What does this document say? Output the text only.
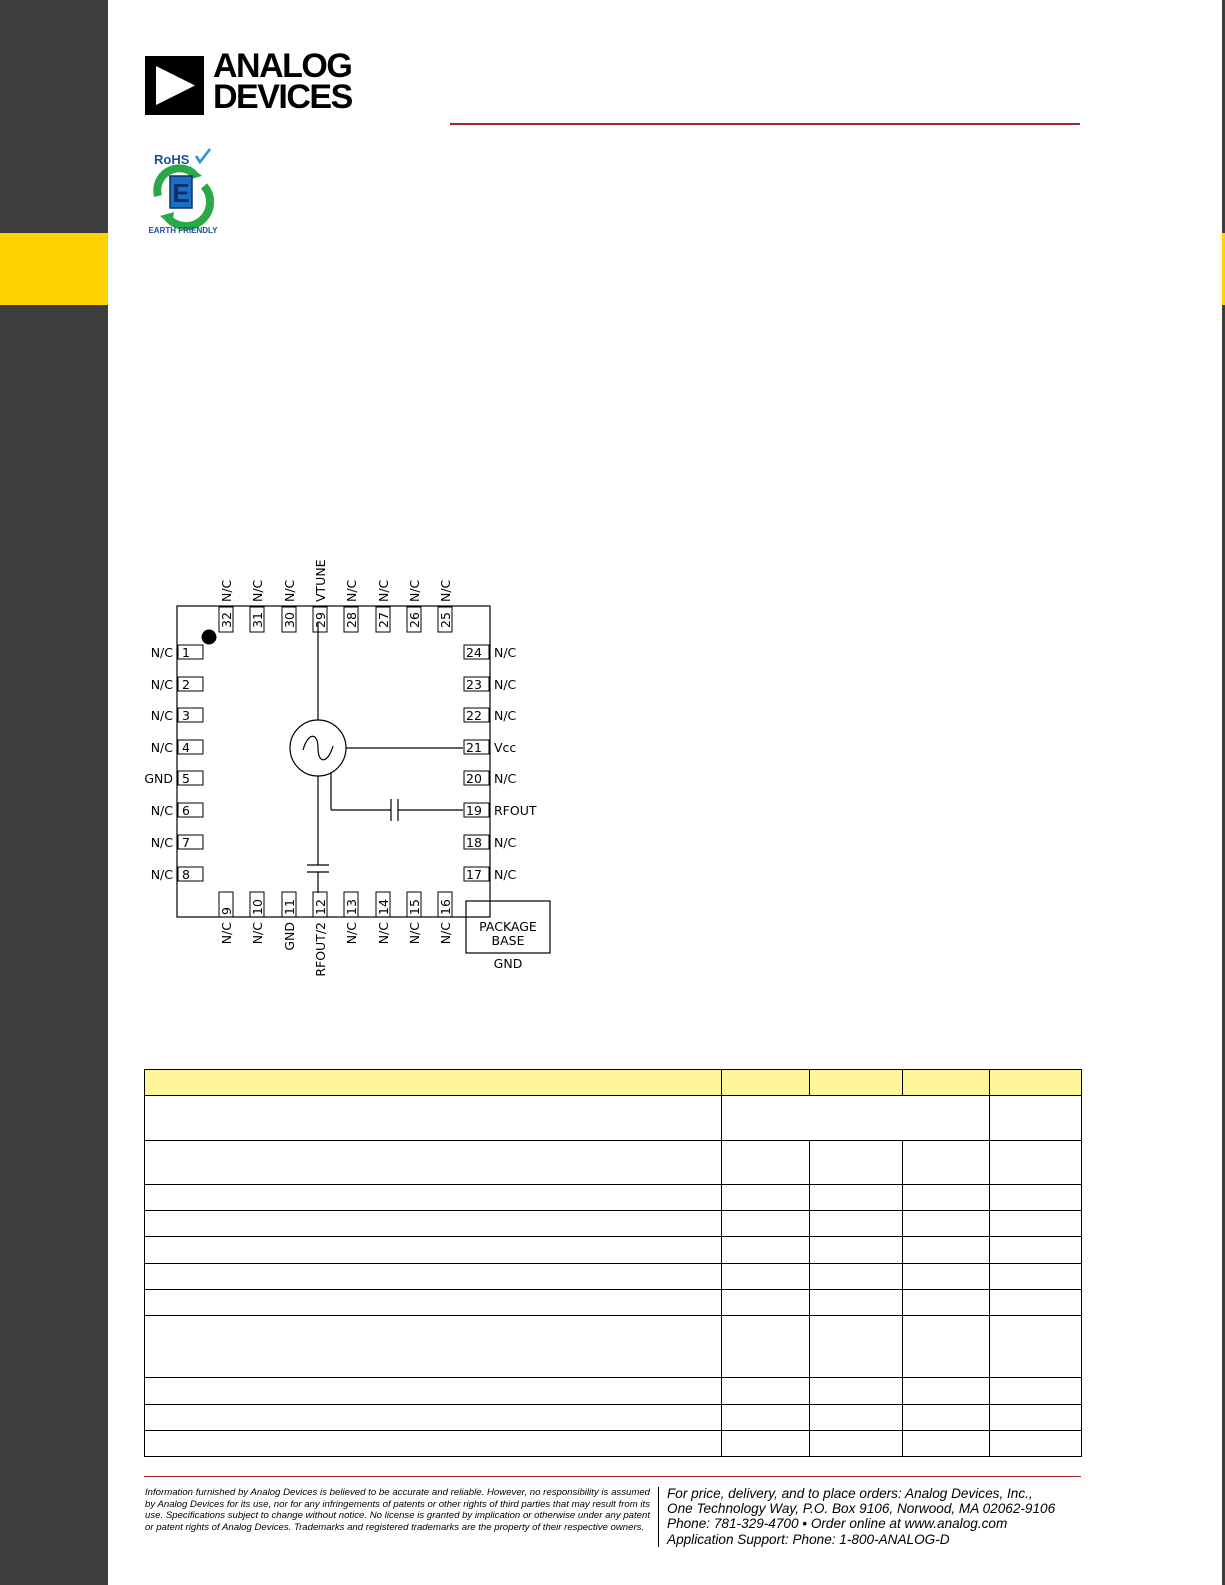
ANALOG
DEVICES
RoHS
E
EARTH FRIENDLY
32
N/C
31
N/C
30
N/C
29
VTUNE
28
N/C
27
N/C
26
N/C
25
N/C
9
N/C
10
N/C
11
GND
12
RFOUT/2
13
N/C
14
N/C
15
N/C
16
N/C
1
N/C
2
N/C
3
N/C
4
N/C
5
GND
6
N/C
7
N/C
8
N/C
24 N/C
23 N/C
22 N/C
21 Vcc
20 N/C
19 RFOUT
18 N/C
17 N/C
PACKAGE
BASE
GND

Information furnished by Analog Devices is believed to be accurate and reliable. However, no responsibility is assumed by Analog Devices for its use, nor for any infringements of patents or other rights of third parties that may result from its use. Specifications subject to change without notice. No license is granted by implication or otherwise under any patent or patent rights of Analog Devices. Trademarks and registered trademarks are the property of their respective owners.
For price, delivery, and to place orders: Analog Devices, Inc.,
One Technology Way, P.O. Box 9106, Norwood, MA 02062-9106
Phone: 781-329-4700 • Order online at www.analog.com
Application Support: Phone: 1-800-ANALOG-D
